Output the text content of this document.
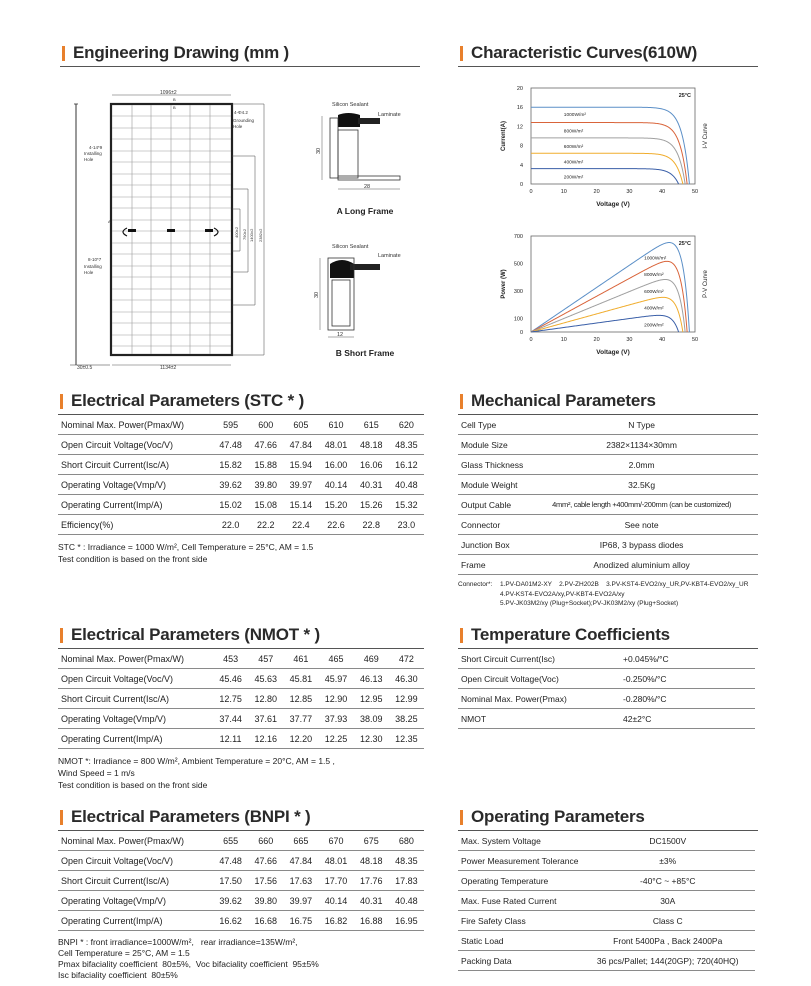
Engineering Drawing (mm )
1096±2
B
B
A
4-14*9
Installing
Hole
8-10*7
Installing
Hole
4-Φ4.2
Grounding
Hole
400±2 790±2 1400±2 2382±2
1134±2
30±0.5
Silicon Sealant
Laminate
30
28
A Long Frame
Silicon Sealant
Laminate
30
12
B Short Frame
Characteristic Curves(610W)
0	10	20	30	40	50
0
4
8
12
16
20
Voltage (V)
Current(A)	I-V Curve
25°C
1000W/m²
800W/m²
600W/m²
400W/m²
200W/m²
0	10	20	30	40	50
0
100
300
500
700
Voltage (V)
Power (W)	P-V Curve
25°C
1000W/m²
800W/m²
600W/m²
400W/m²
200W/m²
Electrical Parameters (STC * )
Nominal Max. Power(Pmax/W)	595	600	605	610	615	620
Open Circuit Voltage(Voc/V)	47.48	47.66	47.84	48.01	48.18	48.35
Short Circuit Current(Isc/A)	15.82	15.88	15.94	16.00	16.06	16.12
Operating Voltage(Vmp/V)	39.62	39.80	39.97	40.14	40.31	40.48
Operating Current(Imp/A)	15.02	15.08	15.14	15.20	15.26	15.32
Efficiency(%)	22.0	22.2	22.4	22.6	22.8	23.0
STC * : Irradiance = 1000 W/m², Cell Temperature = 25°C, AM = 1.5
Test condition is based on the front side
Mechanical Parameters
Cell Type	N Type
Module Size	2382×1134×30mm
Glass Thickness	2.0mm
Module Weight	32.5Kg
Output Cable	4mm², cable length +400mm/-200mm (can be customized)
Connector	See note
Junction Box	IP68, 3 bypass diodes
Frame	Anodized aluminium alloy
Connector*:	1.PV-DA01M2-XY    2.PV-ZH202B    3.PV-KST4-EVO2/xy_UR,PV-KBT4-EVO2/xy_UR
4.PV-KST4-EVO2A/xy,PV-KBT4-EVO2A/xy
5.PV-JK03M2/xy (Plug+Socket);PV-JK03M2/xy (Plug+Socket)
Electrical Parameters (NMOT * )
Nominal Max. Power(Pmax/W)	453	457	461	465	469	472
Open Circuit Voltage(Voc/V)	45.46	45.63	45.81	45.97	46.13	46.30
Short Circuit Current(Isc/A)	12.75	12.80	12.85	12.90	12.95	12.99
Operating Voltage(Vmp/V)	37.44	37.61	37.77	37.93	38.09	38.25
Operating Current(Imp/A)	12.11	12.16	12.20	12.25	12.30	12.35
NMOT *: Irradiance = 800 W/m², Ambient Temperature = 20°C, AM = 1.5 ,
Wind Speed = 1 m/s
Test condition is based on the front side
Temperature Coefficients
Short Circuit Current(Isc)	+0.045%/°C
Open Circuit Voltage(Voc)	-0.250%/°C
Nominal Max. Power(Pmax)	-0.280%/°C
NMOT	42±2°C
Electrical Parameters (BNPI * )
Nominal Max. Power(Pmax/W)	655	660	665	670	675	680
Open Circuit Voltage(Voc/V)	47.48	47.66	47.84	48.01	48.18	48.35
Short Circuit Current(Isc/A)	17.50	17.56	17.63	17.70	17.76	17.83
Operating Voltage(Vmp/V)	39.62	39.80	39.97	40.14	40.31	40.48
Operating Current(Imp/A)	16.62	16.68	16.75	16.82	16.88	16.95
BNPI * : front irradiance=1000W/m²,   rear irradiance=135W/m²,
Cell Temperature = 25°C, AM = 1.5
Pmax bifaciality coefficient  80±5%,  Voc bifaciality coefficient  95±5%
Isc bifaciality coefficient  80±5%
Operating Parameters
Max. System Voltage	DC1500V
Power Measurement Tolerance	±3%
Operating Temperature	-40°C ~ +85°C
Max. Fuse Rated Current	30A
Fire Safety Class	Class C
Static Load	Front 5400Pa , Back 2400Pa
Packing Data	36 pcs/Pallet; 144(20GP); 720(40HQ)
